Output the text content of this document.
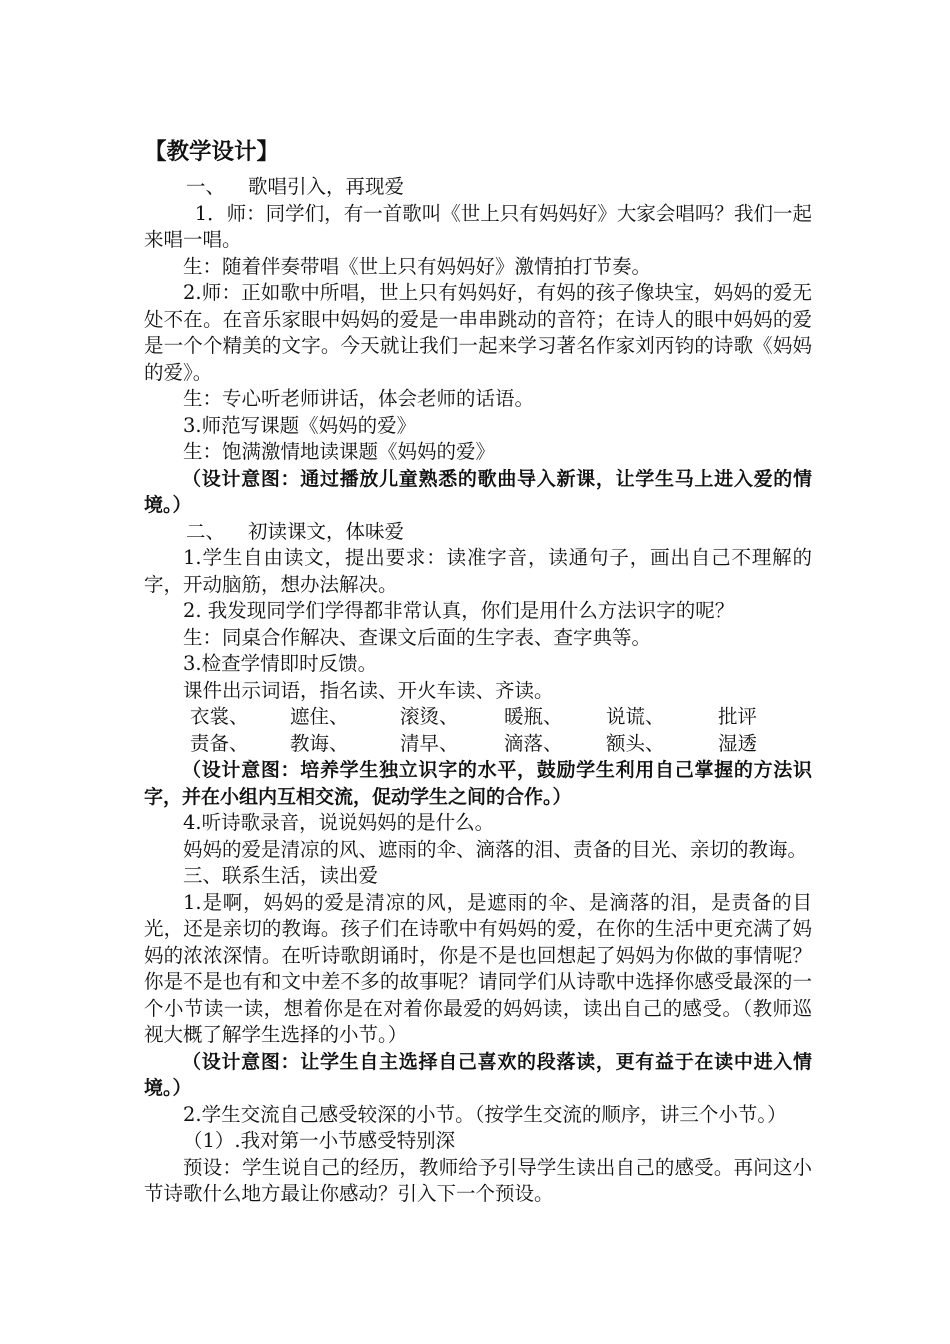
【教学设计】

一、 歌唱引入，再现爱

1．师：同学们，有一首歌叫《世上只有妈妈好》大家会唱吗？我们一起来唱一唱。

生：随着伴奏带唱《世上只有妈妈好》激情拍打节奏。

2.师：正如歌中所唱，世上只有妈妈好，有妈的孩子像块宝，妈妈的爱无处不在。在音乐家眼中妈妈的爱是一串串跳动的音符；在诗人的眼中妈妈的爱是一个个精美的文字。今天就让我们一起来学习著名作家刘丙钧的诗歌《妈妈的爱》。

生：专心听老师讲话，体会老师的话语。

3.师范写课题《妈妈的爱》

生：饱满激情地读课题《妈妈的爱》

（设计意图：通过播放儿童熟悉的歌曲导入新课，让学生马上进入爱的情境。）

二、 初读课文，体味爱

1.学生自由读文，提出要求：读准字音，读通句子，画出自己不理解的字，开动脑筋，想办法解决。

2. 我发现同学们学得都非常认真，你们是用什么方法识字的呢？

生：同桌合作解决、查课文后面的生字表、查字典等。

3.检查学情即时反馈。

课件出示词语，指名读、开火车读、齐读。

衣裳、	遮住、	滚烫、	暖瓶、	说谎、	批评

责备、	教诲、	清早、	滴落、	额头、	湿透

（设计意图：培养学生独立识字的水平，鼓励学生利用自己掌握的方法识字，并在小组内互相交流，促动学生之间的合作。）

4.听诗歌录音，说说妈妈的是什么。

妈妈的爱是清凉的风、遮雨的伞、滴落的泪、责备的目光、亲切的教诲。

三、联系生活，读出爱

1.是啊，妈妈的爱是清凉的风，是遮雨的伞、是滴落的泪，是责备的目光，还是亲切的教诲。孩子们在诗歌中有妈妈的爱，在你的生活中更充满了妈妈的浓浓深情。在听诗歌朗诵时，你是不是也回想起了妈妈为你做的事情呢？你是不是也有和文中差不多的故事呢？请同学们从诗歌中选择你感受最深的一个小节读一读，想着你是在对着你最爱的妈妈读，读出自己的感受。（教师巡视大概了解学生选择的小节。）

（设计意图：让学生自主选择自己喜欢的段落读，更有益于在读中进入情境。）

2.学生交流自己感受较深的小节。（按学生交流的顺序，讲三个小节。）

（1）.我对第一小节感受特别深

预设：学生说自己的经历，教师给予引导学生读出自己的感受。再问这小节诗歌什么地方最让你感动？引入下一个预设。
